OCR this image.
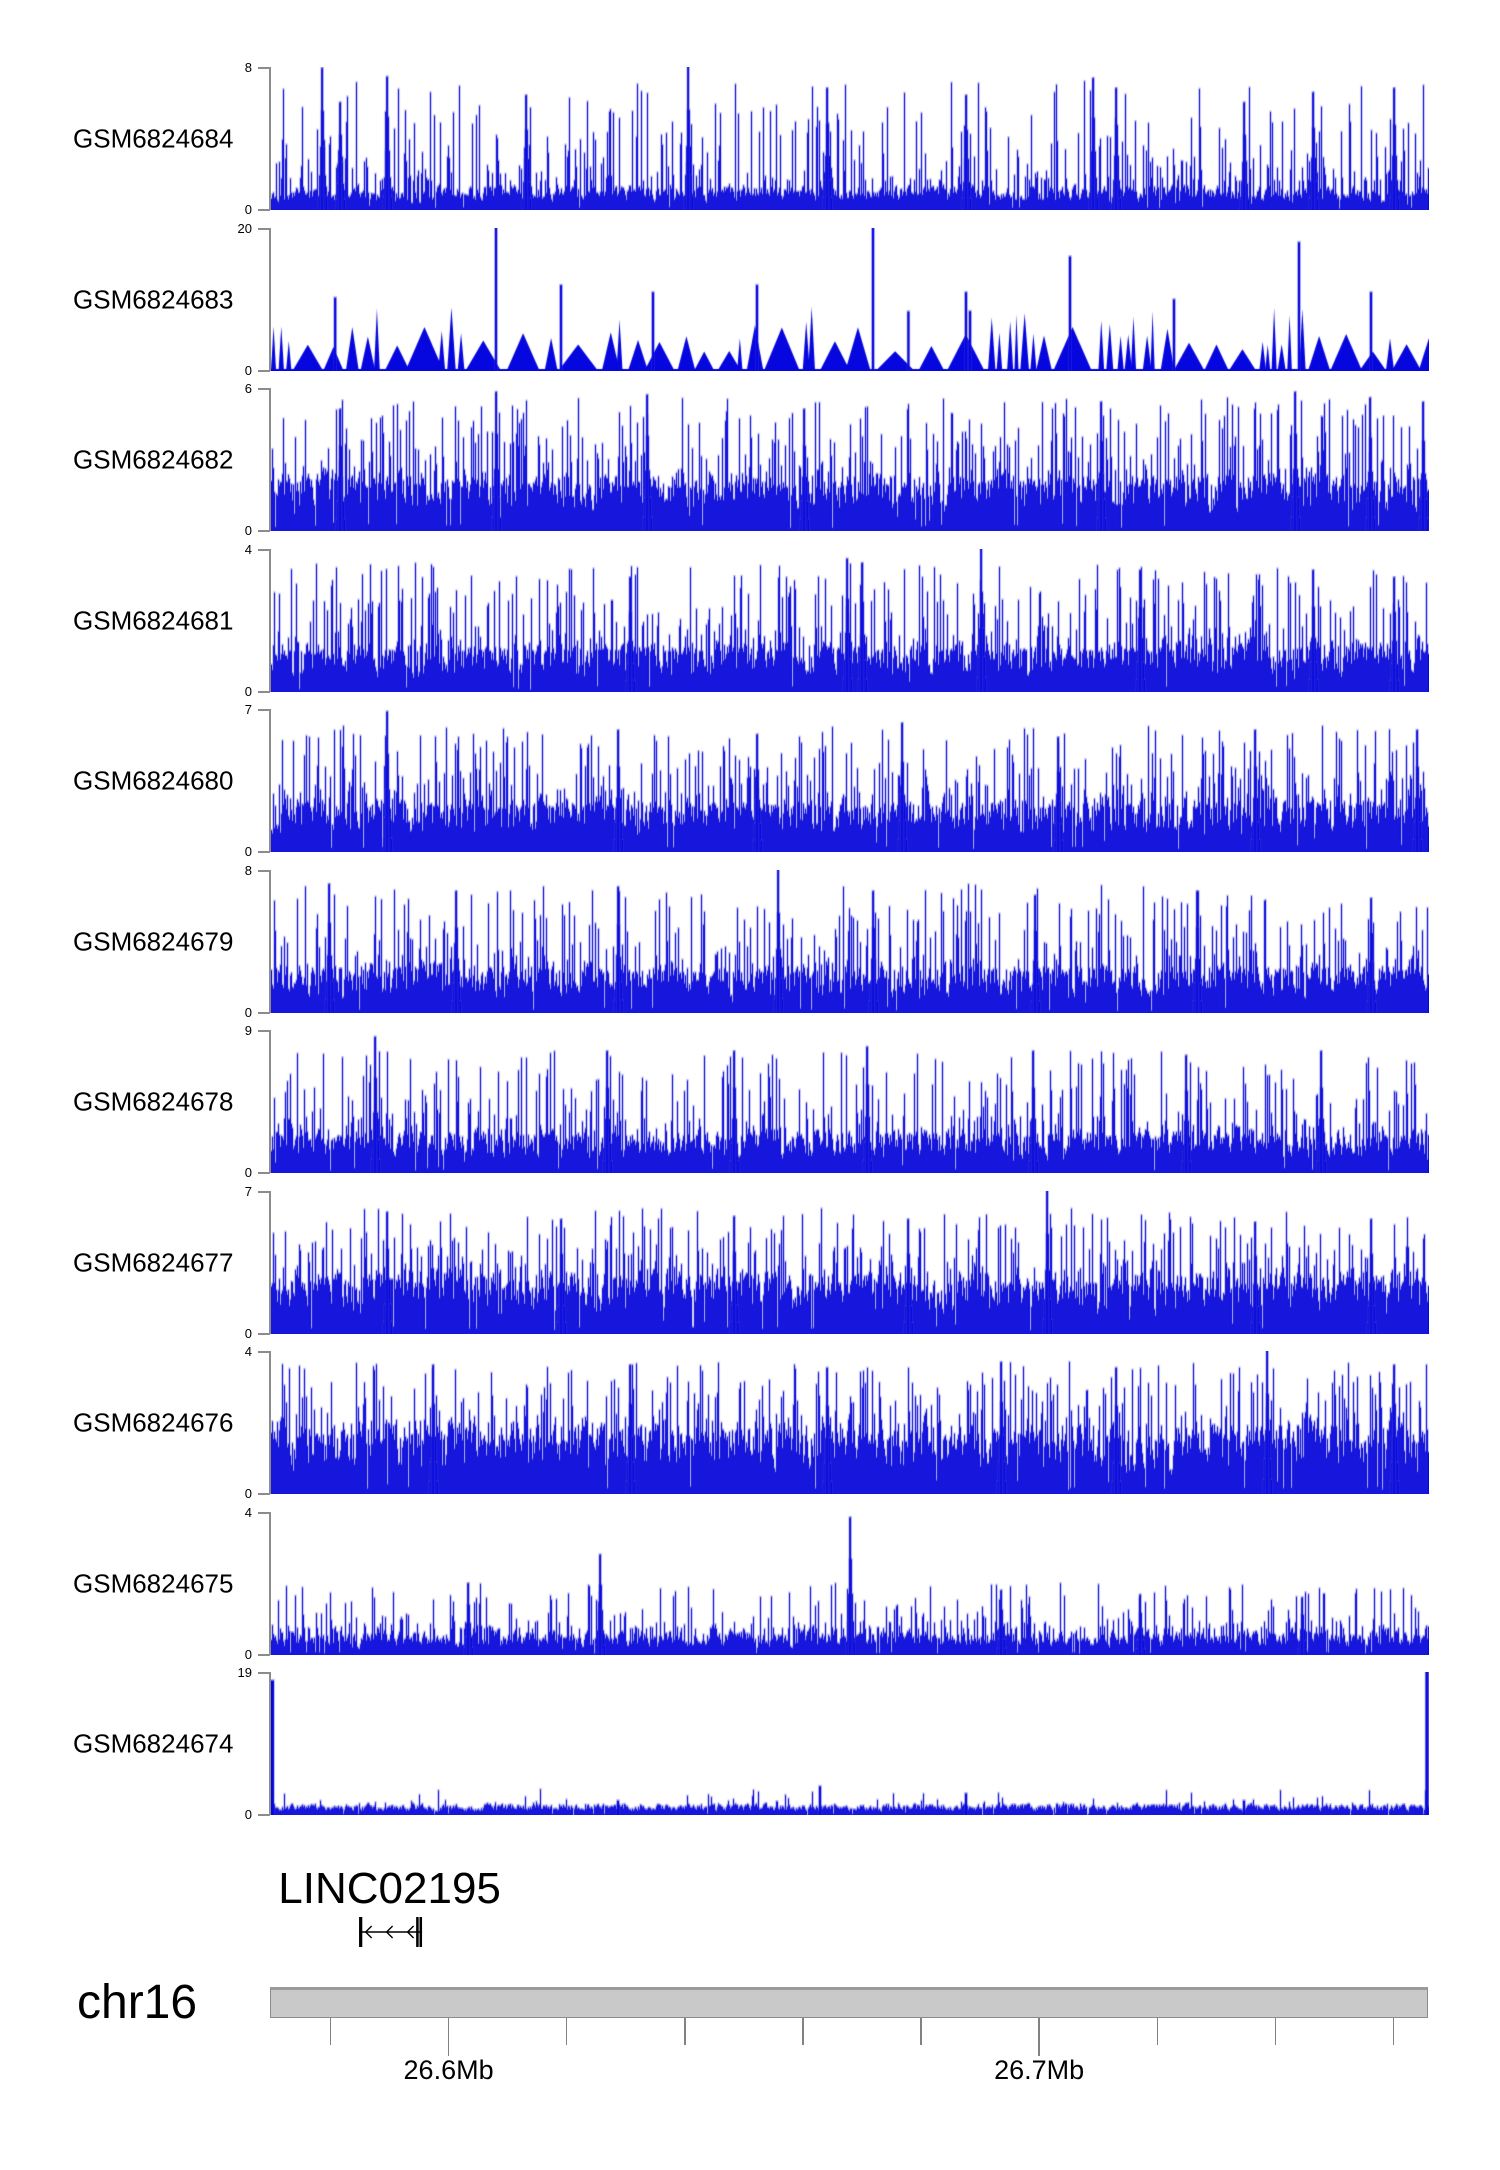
GSM6824684
8
0
GSM6824683
20
0
GSM6824682
6
0
GSM6824681
4
0
GSM6824680
7
0
GSM6824679
8
0
GSM6824678
9
0
GSM6824677
7
0
GSM6824676
4
0
GSM6824675
4
0
GSM6824674
19
0
LINC02195
chr16
26.6Mb	26.7Mb
